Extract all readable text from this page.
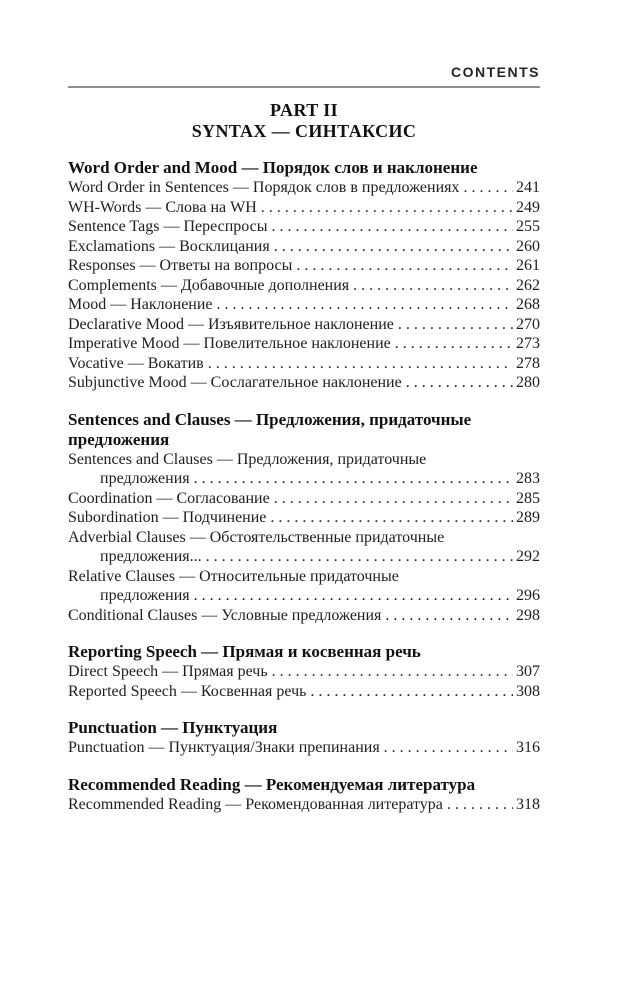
CONTENTS
PART II
SYNTAX — СИНТАКСИС
Word Order and Mood — Порядок слов и наклонение
Word Order in Sentences — Порядок слов в предложениях . . .	241
WH-Words — Слова на WH . . .	249
Sentence Tags — Переспросы . . .	255
Exclamations — Восклицания . . .	260
Responses — Ответы на вопросы . . .	261
Complements — Добавочные дополнения . . .	262
Mood — Наклонение . . .	268
Declarative Mood — Изъявительное наклонение . . .	270
Imperative Mood — Повелительное наклонение . . .	273
Vocative — Вокатив . . .	278
Subjunctive Mood — Сослагательное наклонение . . .	280
Sentences and Clauses — Предложения, придаточные предложения
Sentences and Clauses — Предложения, придаточные
предложения . . .	283
Coordination — Согласование . . .	285
Subordination — Подчинение . . .	289
Adverbial Clauses — Обстоятельственные придаточные
предложения... . . .	292
Relative Clauses — Относительные придаточные
предложения . . .	296
Conditional Clauses — Условные предложения . . .	298
Reporting Speech — Прямая и косвенная речь
Direct Speech — Прямая речь . . .	307
Reported Speech — Косвенная речь . . .	308
Punctuation — Пунктуация
Punctuation — Пунктуация/Знаки препинания . . .	316
Recommended Reading — Рекомендуемая литература
Recommended Reading — Рекомендованная литература . . .	318
